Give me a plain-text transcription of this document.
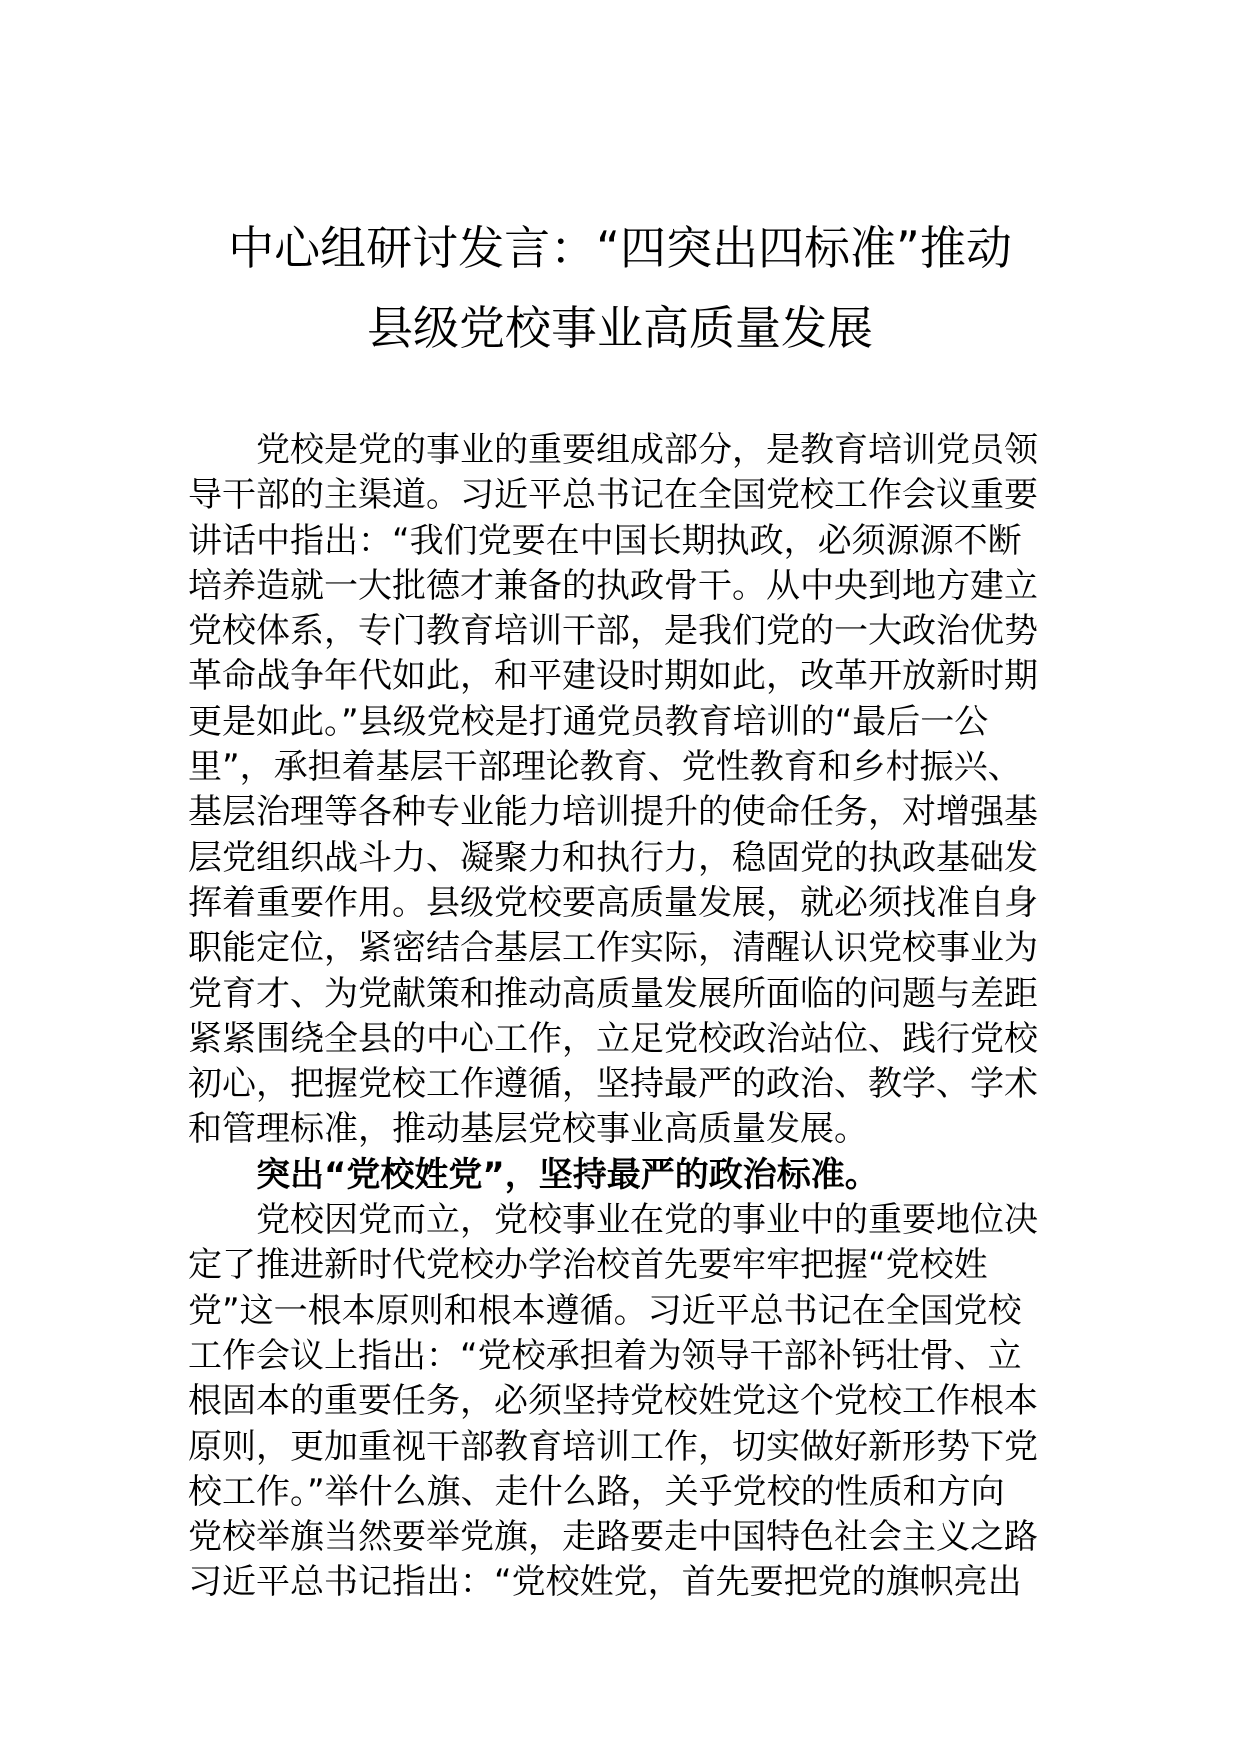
中心组研讨发言：“四突出四标准”推动
县级党校事业高质量发展
党校是党的事业的重要组成部分，是教育培训党员领
导干部的主渠道。习近平总书记在全国党校工作会议重要
讲话中指出：“我们党要在中国长期执政，必须源源不断
培养造就一大批德才兼备的执政骨干。从中央到地方建立
党校体系，专门教育培训干部，是我们党的一大政治优势
革命战争年代如此，和平建设时期如此，改革开放新时期
更是如此。”县级党校是打通党员教育培训的“最后一公
里”，承担着基层干部理论教育、党性教育和乡村振兴、
基层治理等各种专业能力培训提升的使命任务，对增强基
层党组织战斗力、凝聚力和执行力，稳固党的执政基础发
挥着重要作用。县级党校要高质量发展，就必须找准自身
职能定位，紧密结合基层工作实际，清醒认识党校事业为
党育才、为党献策和推动高质量发展所面临的问题与差距
紧紧围绕全县的中心工作，立足党校政治站位、践行党校
初心，把握党校工作遵循，坚持最严的政治、教学、学术
和管理标准，推动基层党校事业高质量发展。
突出“党校姓党”，坚持最严的政治标准。
党校因党而立，党校事业在党的事业中的重要地位决
定了推进新时代党校办学治校首先要牢牢把握“党校姓
党”这一根本原则和根本遵循。习近平总书记在全国党校
工作会议上指出：“党校承担着为领导干部补钙壮骨、立
根固本的重要任务，必须坚持党校姓党这个党校工作根本
原则，更加重视干部教育培训工作，切实做好新形势下党
校工作。”举什么旗、走什么路，关乎党校的性质和方向
党校举旗当然要举党旗，走路要走中国特色社会主义之路
习近平总书记指出：“党校姓党，首先要把党的旗帜亮出
